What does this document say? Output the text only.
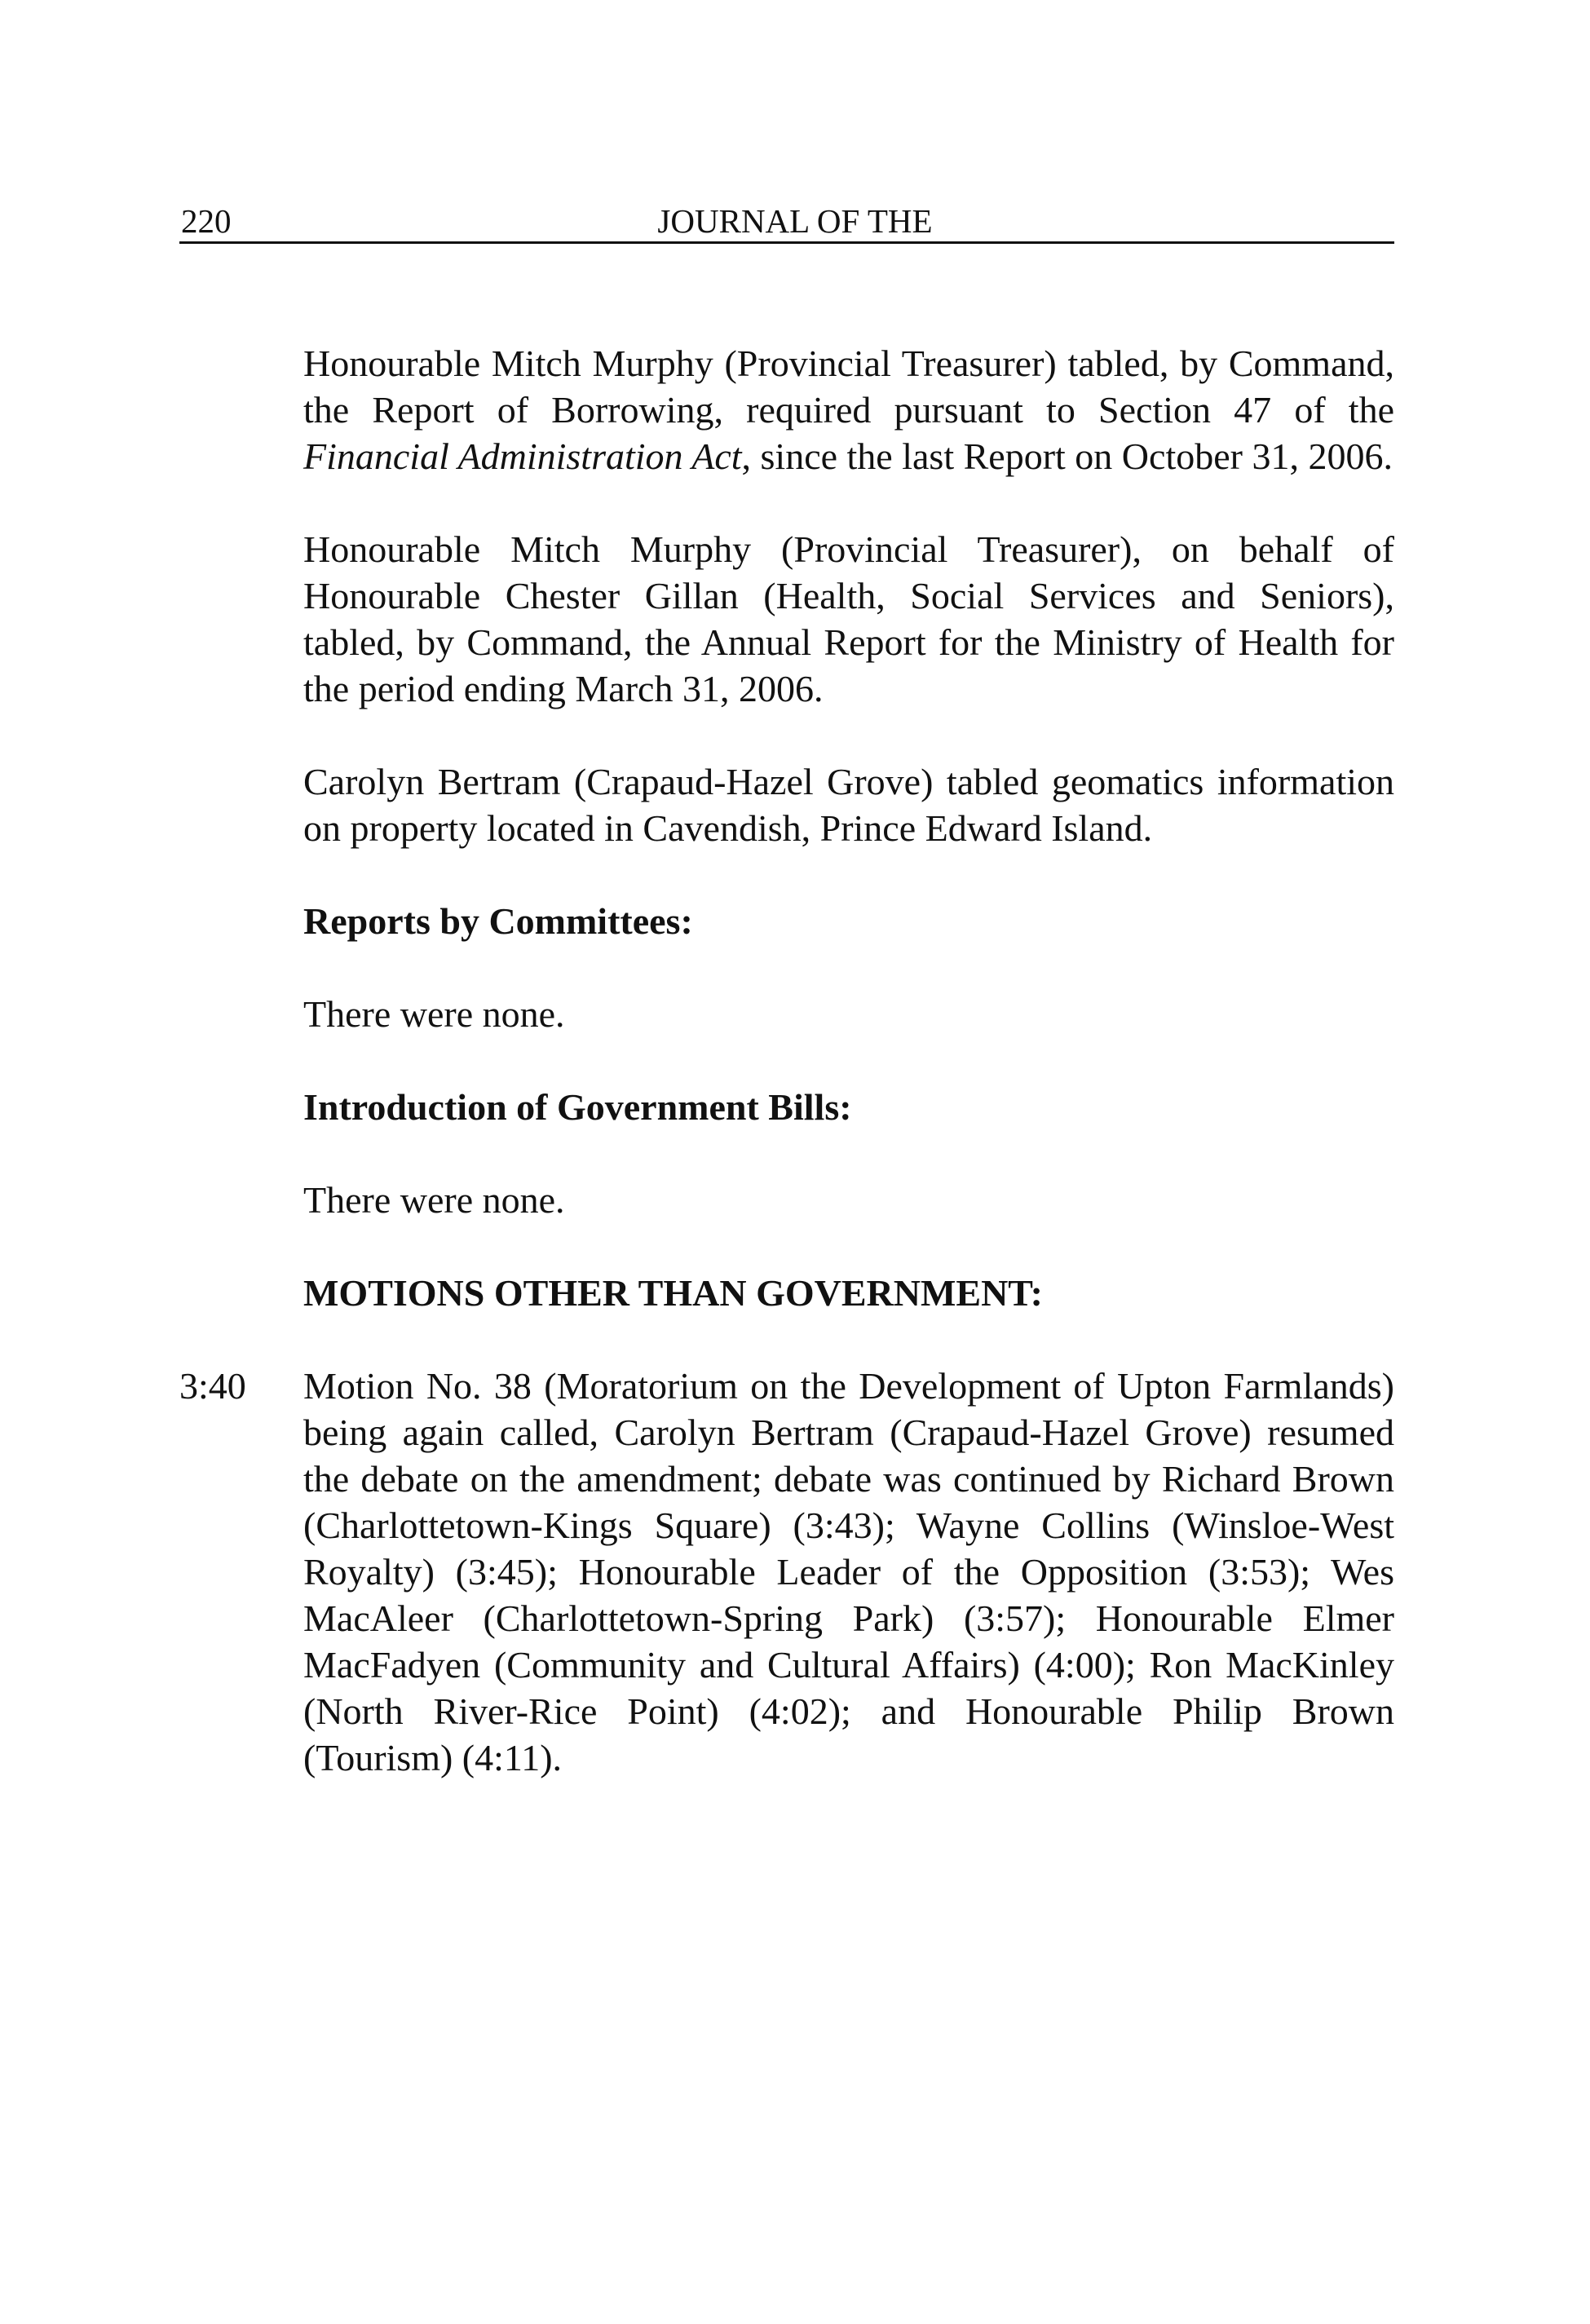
220	JOURNAL OF THE

Honourable Mitch Murphy (Provincial Treasurer) tabled, by Command, the Report of Borrowing, required pursuant to Section 47 of the Financial Administration Act, since the last Report on October 31, 2006.

Honourable Mitch Murphy (Provincial Treasurer), on behalf of Honourable Chester Gillan (Health, Social Services and Seniors), tabled, by Command, the Annual Report for the Ministry of Health for the period ending March 31, 2006.

Carolyn Bertram (Crapaud-Hazel Grove) tabled geomatics information on property located in Cavendish, Prince Edward Island.

Reports by Committees:

There were none.

Introduction of Government Bills:

There were none.

MOTIONS OTHER THAN GOVERNMENT:

3:40 Motion No. 38 (Moratorium on the Development of Upton Farmlands) being again called, Carolyn Bertram (Crapaud-Hazel Grove) resumed the debate on the amendment; debate was continued by Richard Brown (Charlottetown-Kings Square) (3:43); Wayne Collins (Winsloe-West Royalty) (3:45); Honourable Leader of the Opposition (3:53); Wes MacAleer (Charlottetown-Spring Park) (3:57); Honourable Elmer MacFadyen (Community and Cultural Affairs) (4:00); Ron MacKinley (North River-Rice Point) (4:02); and Honourable Philip Brown (Tourism) (4:11).
